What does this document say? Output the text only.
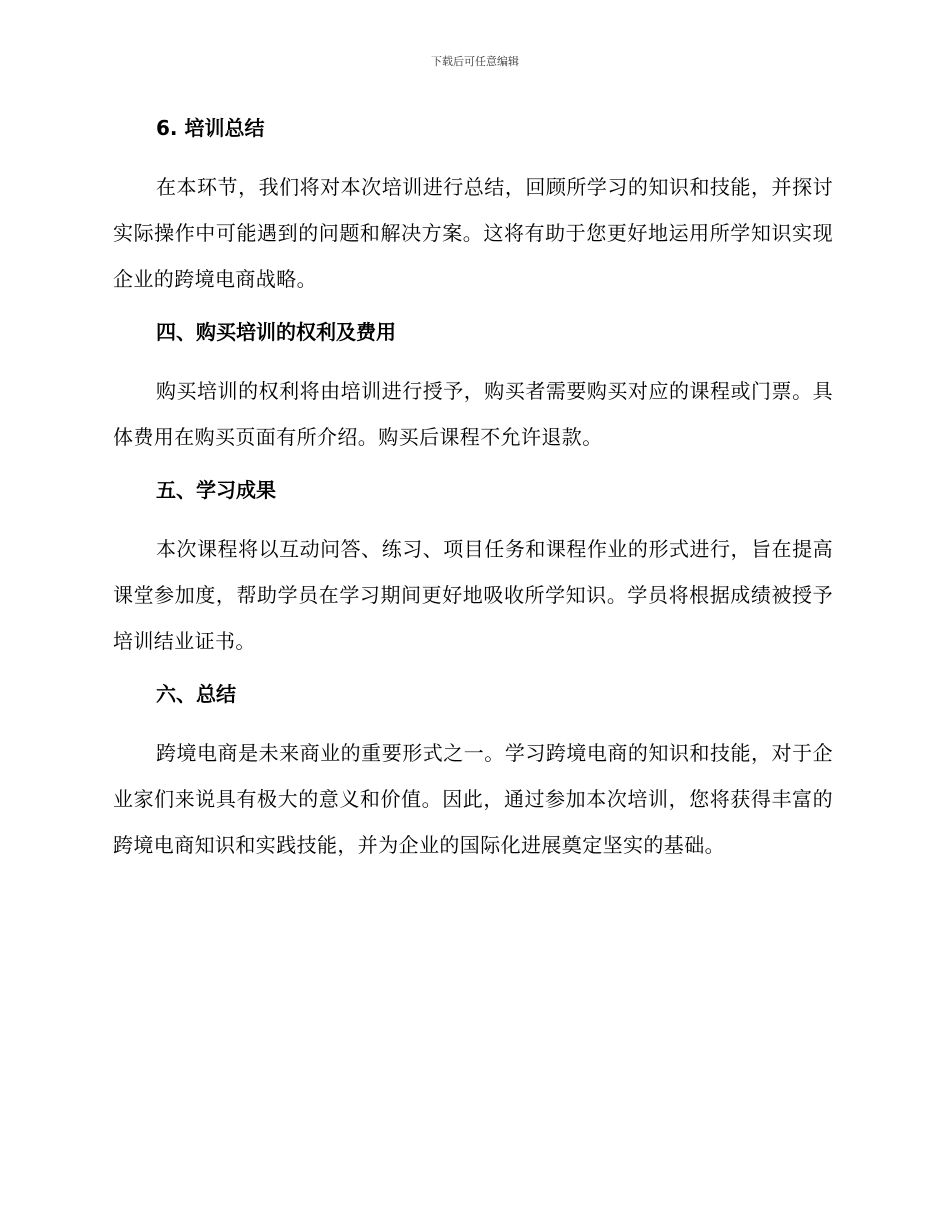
下载后可任意编辑
6. 培训总结

在本环节，我们将对本次培训进行总结，回顾所学习的知识和技能，并探讨实际操作中可能遇到的问题和解决方案。这将有助于您更好地运用所学知识实现企业的跨境电商战略。

四、购买培训的权利及费用

购买培训的权利将由培训进行授予，购买者需要购买对应的课程或门票。具体费用在购买页面有所介绍。购买后课程不允许退款。

五、学习成果

本次课程将以互动问答、练习、项目任务和课程作业的形式进行，旨在提高课堂参加度，帮助学员在学习期间更好地吸收所学知识。学员将根据成绩被授予培训结业证书。

六、总结

跨境电商是未来商业的重要形式之一。学习跨境电商的知识和技能，对于企业家们来说具有极大的意义和价值。因此，通过参加本次培训，您将获得丰富的跨境电商知识和实践技能，并为企业的国际化进展奠定坚实的基础。
